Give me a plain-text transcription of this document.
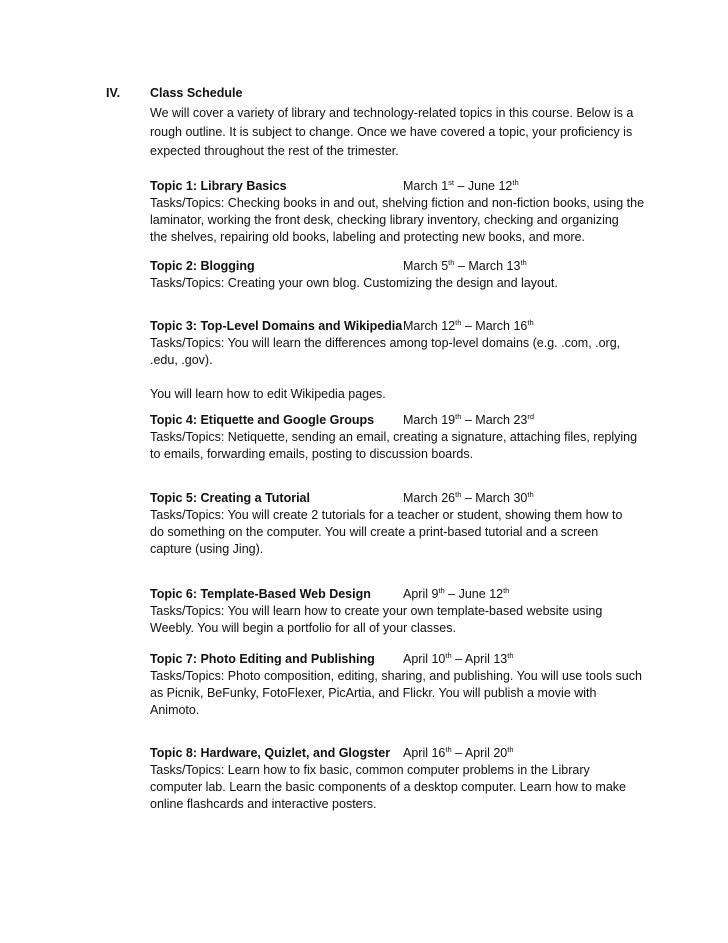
IV. Class Schedule
We will cover a variety of library and technology-related topics in this course. Below is a
rough outline. It is subject to change. Once we have covered a topic, your proficiency is
expected throughout the rest of the trimester.
Topic 1: Library Basics	March 1st – June 12th
Tasks/Topics: Checking books in and out, shelving fiction and non-fiction books, using the
laminator, working the front desk, checking library inventory, checking and organizing
the shelves, repairing old books, labeling and protecting new books, and more.
Topic 2: Blogging	March 5th – March 13th
Tasks/Topics: Creating your own blog. Customizing the design and layout.
Topic 3: Top-Level Domains and Wikipedia March 12th – March 16th
Tasks/Topics: You will learn the differences among top-level domains (e.g. .com, .org,
.edu, .gov).
You will learn how to edit Wikipedia pages.
Topic 4: Etiquette and Google Groups March 19th – March 23rd
Tasks/Topics: Netiquette, sending an email, creating a signature, attaching files, replying
to emails, forwarding emails, posting to discussion boards.
Topic 5: Creating a Tutorial	March 26th – March 30th
Tasks/Topics: You will create 2 tutorials for a teacher or student, showing them how to
do something on the computer. You will create a print-based tutorial and a screen
capture (using Jing).
Topic 6: Template-Based Web Design	April 9th – June 12th
Tasks/Topics: You will learn how to create your own template-based website using
Weebly. You will begin a portfolio for all of your classes.
Topic 7: Photo Editing and Publishing April 10th – April 13th
Tasks/Topics: Photo composition, editing, sharing, and publishing. You will use tools such
as Picnik, BeFunky, FotoFlexer, PicArtia, and Flickr. You will publish a movie with
Animoto.
Topic 8: Hardware, Quizlet, and Glogster April 16th – April 20th
Tasks/Topics: Learn how to fix basic, common computer problems in the Library
computer lab. Learn the basic components of a desktop computer. Learn how to make
online flashcards and interactive posters.
